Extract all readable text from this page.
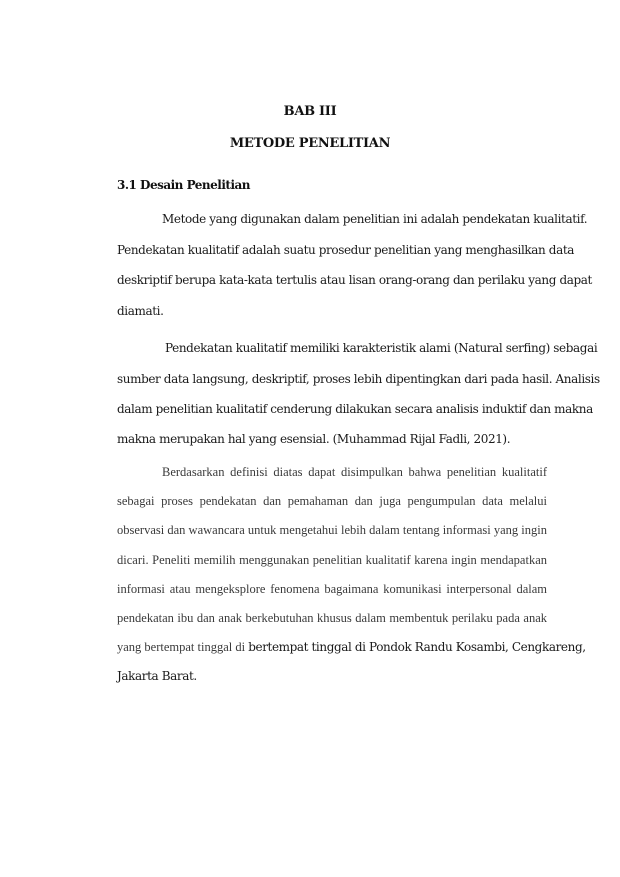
BAB III
METODE PENELITIAN
3.1 Desain Penelitian
Metode yang digunakan dalam penelitian ini adalah pendekatan kualitatif.
Pendekatan kualitatif adalah suatu prosedur penelitian yang menghasilkan data
deskriptif berupa kata-kata tertulis atau lisan orang-orang dan perilaku yang dapat
diamati.
Pendekatan kualitatif memiliki karakteristik alami (Natural serfing) sebagai
sumber data langsung, deskriptif, proses lebih dipentingkan dari pada hasil. Analisis
dalam penelitian kualitatif cenderung dilakukan secara analisis induktif dan makna
makna merupakan hal yang esensial. (Muhammad Rijal Fadli, 2021).
Berdasarkan definisi diatas dapat disimpulkan bahwa penelitian kualitatif
sebagai proses pendekatan dan pemahaman dan juga pengumpulan data melalui
observasi dan wawancara untuk mengetahui lebih dalam tentang informasi yang ingin
dicari. Peneliti memilih menggunakan penelitian kualitatif karena ingin mendapatkan
informasi atau mengeksplore fenomena bagaimana komunikasi interpersonal dalam
pendekatan ibu dan anak berkebutuhan khusus dalam membentuk perilaku pada anak
yang bertempat tinggal di bertempat tinggal di Pondok Randu Kosambi, Cengkareng,
Jakarta Barat.
